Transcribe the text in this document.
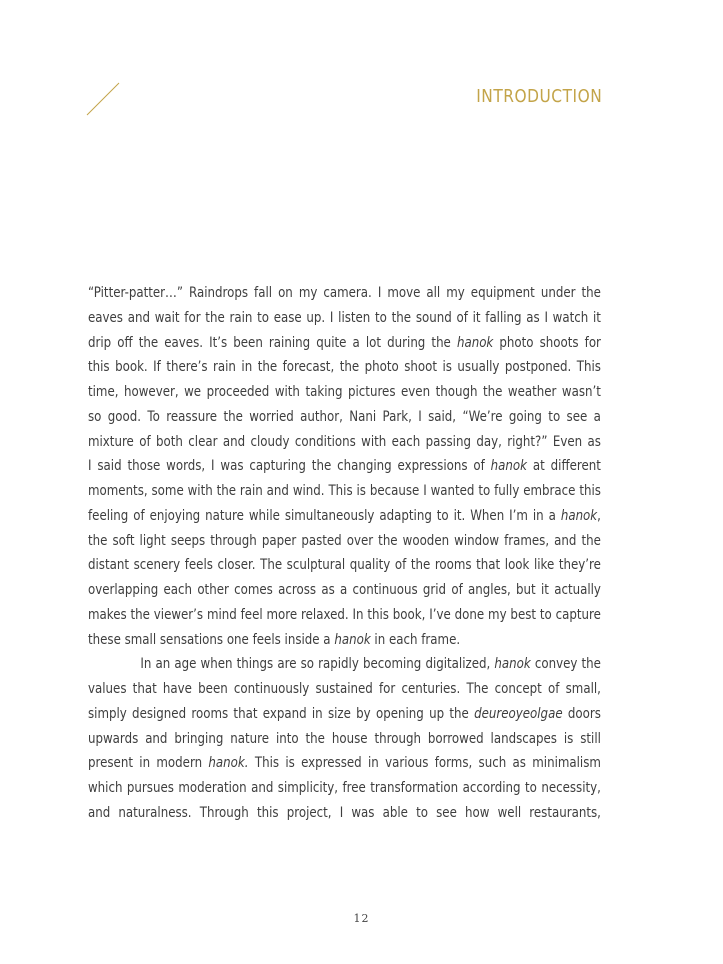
INTRODUCTION
“Pitter-patter…” Raindrops fall on my camera. I move all my equipment under the
eaves and wait for the rain to ease up. I listen to the sound of it falling as I watch it
drip off the eaves. It’s been raining quite a lot during the hanok photo shoots for
this book. If there’s rain in the forecast, the photo shoot is usually postponed. This
time, however, we proceeded with taking pictures even though the weather wasn’t
so good. To reassure the worried author, Nani Park, I said, “We’re going to see a
mixture of both clear and cloudy conditions with each passing day, right?” Even as
I said those words, I was capturing the changing expressions of hanok at different
moments, some with the rain and wind. This is because I wanted to fully embrace this
feeling of enjoying nature while simultaneously adapting to it. When I’m in a hanok,
the soft light seeps through paper pasted over the wooden window frames, and the
distant scenery feels closer. The sculptural quality of the rooms that look like they’re
overlapping each other comes across as a continuous grid of angles, but it actually
makes the viewer’s mind feel more relaxed. In this book, I’ve done my best to capture
these small sensations one feels inside a hanok in each frame.
In an age when things are so rapidly becoming digitalized, hanok convey the
values that have been continuously sustained for centuries. The concept of small,
simply designed rooms that expand in size by opening up the deureoyeolgae doors
upwards and bringing nature into the house through borrowed landscapes is still
present in modern hanok. This is expressed in various forms, such as minimalism
which pursues moderation and simplicity, free transformation according to necessity,
and naturalness. Through this project, I was able to see how well restaurants,
12
